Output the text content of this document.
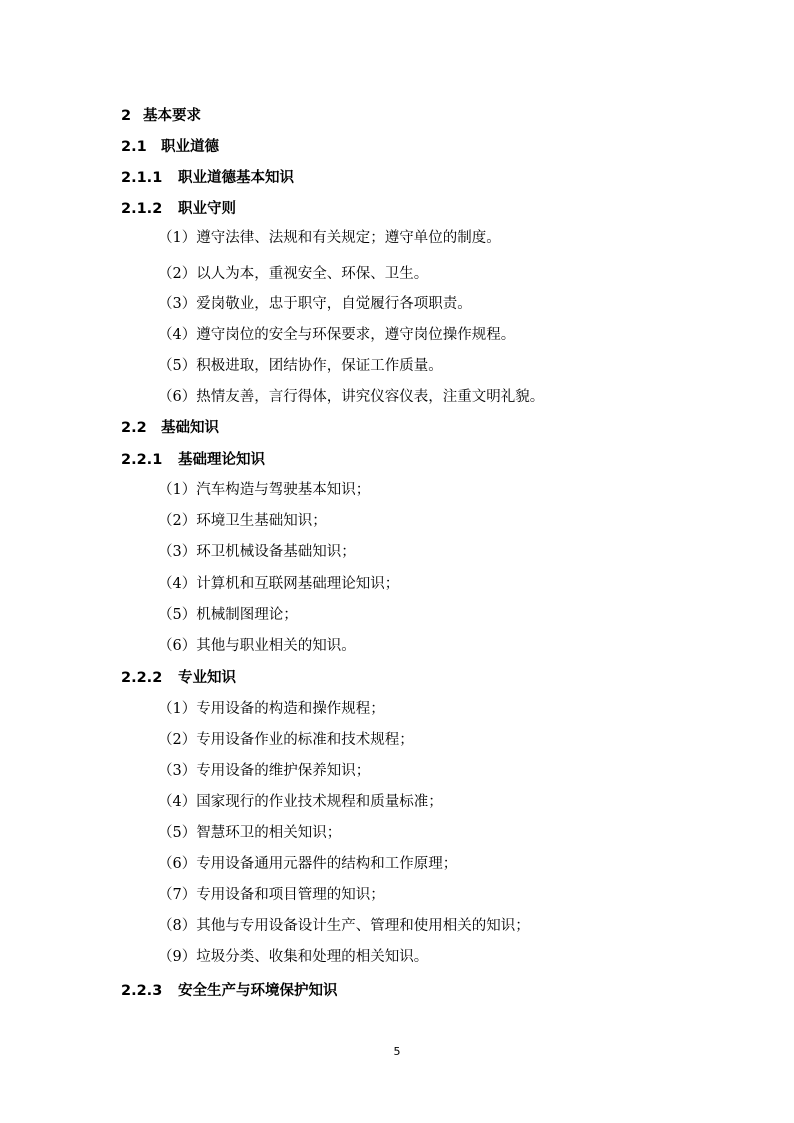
2 基本要求
2.1 职业道德
2.1.1 职业道德基本知识
2.1.2 职业守则
（1）遵守法律、法规和有关规定；遵守单位的制度。
（2）以人为本，重视安全、环保、卫生。
（3）爱岗敬业，忠于职守，自觉履行各项职责。
（4）遵守岗位的安全与环保要求，遵守岗位操作规程。
（5）积极进取，团结协作，保证工作质量。
（6）热情友善，言行得体，讲究仪容仪表，注重文明礼貌。
2.2 基础知识
2.2.1 基础理论知识
（1）汽车构造与驾驶基本知识；
（2）环境卫生基础知识；
（3）环卫机械设备基础知识；
（4）计算机和互联网基础理论知识；
（5）机械制图理论；
（6）其他与职业相关的知识。
2.2.2 专业知识
（1）专用设备的构造和操作规程；
（2）专用设备作业的标准和技术规程；
（3）专用设备的维护保养知识；
（4）国家现行的作业技术规程和质量标准；
（5）智慧环卫的相关知识；
（6）专用设备通用元器件的结构和工作原理；
（7）专用设备和项目管理的知识；
（8）其他与专用设备设计生产、管理和使用相关的知识；
（9）垃圾分类、收集和处理的相关知识。
2.2.3 安全生产与环境保护知识
5
